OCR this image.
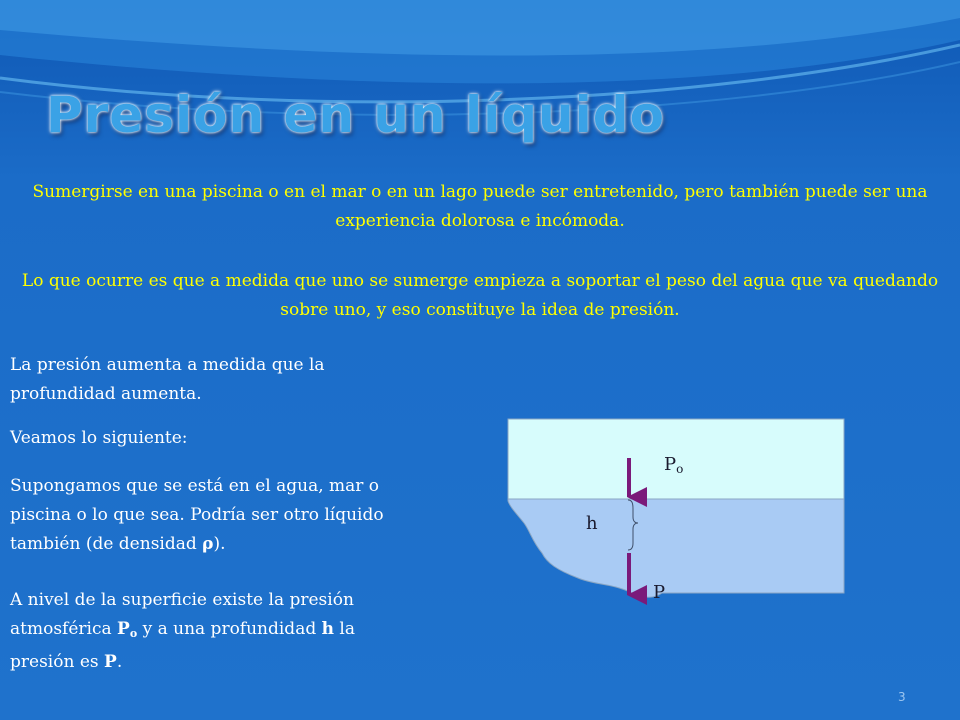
Presión en un líquido

Sumergirse en una piscina o en el mar o en un lago puede ser entretenido, pero también puede ser una experiencia dolorosa e incómoda.

Lo que ocurre es que a medida que uno se sumerge empieza a soportar el peso del agua que va quedando sobre uno, y eso constituye la idea de presión.

La presión aumenta a medida que la profundidad aumenta.

Veamos lo siguiente:

Supongamos que se está en el agua, mar o piscina o lo que sea. Podría ser otro líquido también (de densidad ρ).

A nivel de la superficie existe la presión atmosférica $P_o$ y a una profundidad h la presión es P.

Po
h
P
3
